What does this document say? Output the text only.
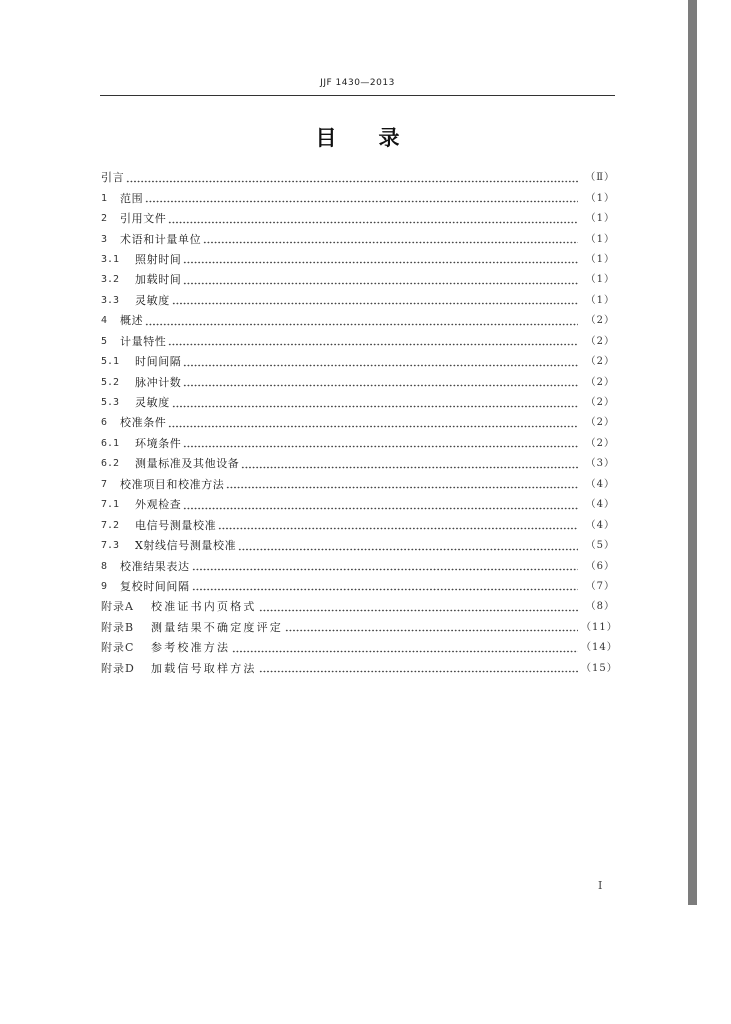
JJF 1430—2013
目录
引言	（Ⅱ）
1	范围	（1）
2	引用文件	（1）
3	术语和计量单位	（1）
3.1	照射时间	（1）
3.2	加载时间	（1）
3.3	灵敏度	（1）
4	概述	（2）
5	计量特性	（2）
5.1	时间间隔	（2）
5.2	脉冲计数	（2）
5.3	灵敏度	（2）
6	校准条件	（2）
6.1	环境条件	（2）
6.2	测量标准及其他设备	（3）
7	校准项目和校准方法	（4）
7.1	外观检查	（4）
7.2	电信号测量校准	（4）
7.3	X射线信号测量校准	（5）
8	校准结果表达	（6）
9	复校时间间隔	（7）
附录A	校准证书内页格式	（8）
附录B	测量结果不确定度评定	（11）
附录C	参考校准方法	（14）
附录D	加载信号取样方法	（15）
I
